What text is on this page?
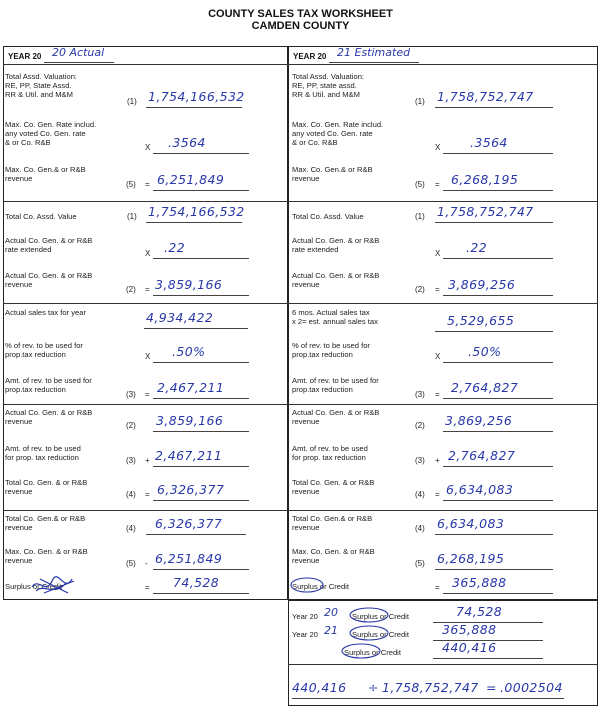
COUNTY SALES TAX WORKSHEET
CAMDEN COUNTY
YEAR 20 20 Actual	YEAR 20 21 Estimated
Total Assd. Valuation:
RE, PP, State Assd.
RR & Util. and M&M
(1) 1,754,166,532
Max. Co. Gen. Rate includ.
any voted Co. Gen. rate
& or Co. R&B
X .3564
Max. Co. Gen.& or R&B
revenue
(5) = 6,251,849
Total Co. Assd. Value	(1) 1,754,166,532
Actual Co. Gen. & or R&B
rate extended	X .22
Actual Co. Gen. & or R&B
revenue
(2) = 3,859,166
Actual sales tax for year	4,934,422
% of rev. to be used for
prop.tax reduction	X .50%
Amt. of rev. to be used for
prop.tax reduction
(3) = 2,467,211
Actual Co. Gen. & or R&B
revenue	(2) 3,859,166
Amt. of rev. to be used
for prop. tax reduction	(3) + 2,467,211
Total Co. Gen. & or R&B
revenue	(4) = 6,326,377
Total Co. Gen.& or R&B
revenue	(4) 6,326,377
Max. Co. Gen. & or R&B
revenue	(5) - 6,251,849
Surplus or Credit	= 74,528
Total Assd. Valuation:
RE, PP, state assd.
RR & Util. and M&M
(1) 1,758,752,747
Max. Co. Gen. Rate includ.
any voted Co. Gen. rate
& or Co. R&B
X .3564
Max. Co. Gen.& or R&B
revenue
(5) = 6,268,195
Total Co. Assd. Value	(1) 1,758,752,747
Actual Co. Gen. & or R&B
rate extended	X .22
Actual Co. Gen. & or R&B
revenue
(2) = 3,869,256
6 mos. Actual sales tax
x 2= est. annual sales tax	5,529,655
% of rev. to be used for
prop.tax reduction	X .50%
Amt. of rev. to be used for
prop.tax reduction
(3) = 2,764,827
Actual Co. Gen. & or R&B
revenue	(2) 3,869,256
Amt. of rev. to be used
for prop. tax reduction	(3) + 2,764,827
Total Co. Gen. & or R&B
revenue	(4) = 6,634,083
Total Co. Gen.& or R&B
revenue	(4) 6,634,083
Max. Co. Gen. & or R&B
revenue	(5) 6,268,195
Surplus or Credit	= 365,888
Year 20 20 Surplus or Credit	74,528
Year 20 21 Surplus or Credit	365,888
Surplus or Credit	440,416
440,416 ÷ 1,758,752,747 = .0002504
